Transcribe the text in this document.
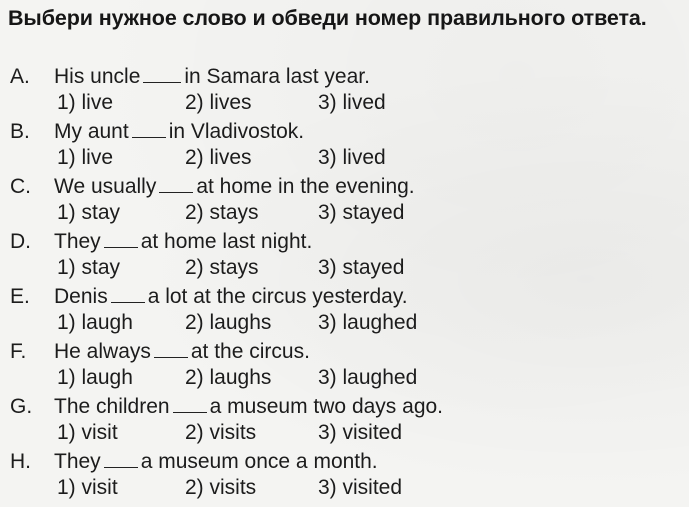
Выбери нужное слово и обведи номер правильного ответа.
A. His uncle in Samara last year.
1) live	2) lives	3) lived
B. My aunt in Vladivostok.
1) live	2) lives	3) lived
C. We usually at home in the evening.
1) stay	2) stays	3) stayed
D. They at home last night.
1) stay	2) stays	3) stayed
E. Denis a lot at the circus yesterday.
1) laugh 2) laughs 3) laughed
F. He always at the circus.
1) laugh 2) laughs 3) laughed
G. The children a museum two days ago.
1) visit	2) visits	3) visited
H. They a museum once a month.
1) visit	2) visits	3) visited
